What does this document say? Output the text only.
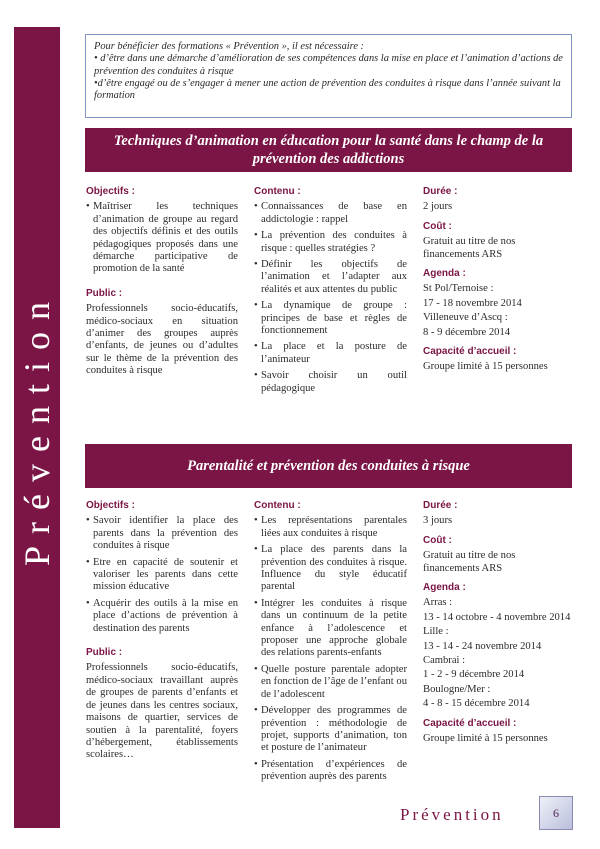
Prévention

Pour bénéficier des formations « Prévention », il est nécessaire :

• d’être dans une démarche d’amélioration de ses compétences dans la mise en place et l’animation d’actions de prévention des conduites à risque

•d’être engagé ou de s’engager à mener une action de prévention des conduites à risque dans l’année suivant la formation

Techniques d’animation en éducation pour la santé dans le champ de la prévention des addictions
Objectifs :
• Maîtriser les techniques d’animation de groupe au regard des objectifs définis et des outils pédagogiques proposés dans une démarche participative de promotion de la santé
Public :

Professionnels socio-éducatifs, médico-sociaux en situation d’animer des groupes auprès d’enfants, de jeunes ou d’adultes sur le thème de la prévention des conduites à risque

Contenu :
• Connaissances de base en addictologie : rappel
• La prévention des conduites à risque : quelles stratégies ?
• Définir les objectifs de l’animation et l’adapter aux réalités et aux attentes du public
• La dynamique de groupe : principes de base et règles de fonctionnement
• La place et la posture de l’animateur
• Savoir choisir un outil pédagogique
Durée :

2 jours

Coût :

Gratuit au titre de nos financements ARS

Agenda :

St Pol/Ternoise :

17 - 18 novembre 2014

Villeneuve d’Ascq :

8 - 9 décembre 2014

Capacité d’accueil :

Groupe limité à 15 personnes

Parentalité et prévention des conduites à risque
Objectifs :
• Savoir identifier la place des parents dans la prévention des conduites à risque
• Etre en capacité de soutenir et valoriser les parents dans cette mission éducative
• Acquérir des outils à la mise en place d’actions de prévention à destination des parents
Public :

Professionnels socio-éducatifs, médico-sociaux travaillant auprès de groupes de parents d’enfants et de jeunes dans les centres sociaux, maisons de quartier, services de soutien à la parentalité, foyers d’hébergement, établissements scolaires…

Contenu :
• Les représentations parentales liées aux conduites à risque
• La place des parents dans la prévention des conduites à risque. Influence du style éducatif parental
• Intégrer les conduites à risque dans un continuum de la petite enfance à l’adolescence et proposer une approche globale des relations parents-enfants
• Quelle posture parentale adopter en fonction de l’âge de l’enfant ou de l’adolescent
• Développer des programmes de prévention : méthodologie de projet, supports d’animation, ton et posture de l’animateur
• Présentation d’expériences de prévention auprès des parents
Durée :

3 jours

Coût :

Gratuit au titre de nos financements ARS

Agenda :

Arras :

13 - 14 octobre - 4 novembre 2014

Lille :

13 - 14 - 24 novembre 2014

Cambrai :

1 - 2 - 9 décembre 2014

Boulogne/Mer :

4 - 8 - 15 décembre 2014

Capacité d’accueil :

Groupe limité à 15 personnes

Prévention	6
